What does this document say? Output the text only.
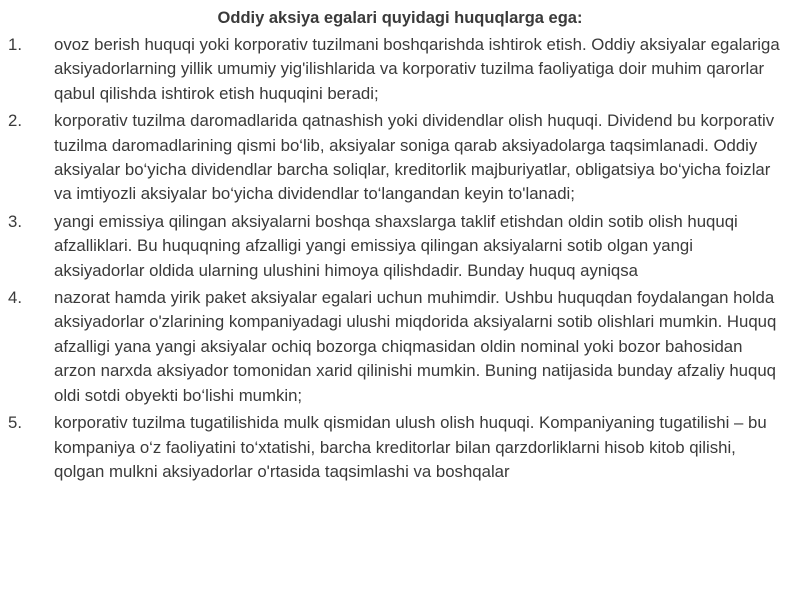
Oddiy aksiya egalari quyidagi huquqlarga ega:

1.	ovoz berish huquqi yoki korporativ tuzilmani boshqarishda ishtirok etish. Oddiy aksiyalar egalariga aksiyadorlarning yillik umumiy yig'ilishlarida va korporativ tuzilma faoliyatiga doir muhim qarorlar qabul qilishda ishtirok etish huquqini beradi;
2.	korporativ tuzilma daromadlarida qatnashish yoki dividendlar olish huquqi. Dividend bu korporativ tuzilma daromadlarining qismi bo‘lib, aksiyalar soniga qarab aksiyadolarga taqsimlanadi. Oddiy aksiyalar bo‘yicha dividendlar barcha soliqlar, kreditorlik majburiyatlar, obligatsiya bo‘yicha foizlar va imtiyozli aksiyalar bo‘yicha dividendlar to‘langandan keyin to'lanadi;
3.	yangi emissiya qilingan aksiyalarni boshqa shaxslarga taklif etishdan oldin sotib olish huquqi afzalliklari. Bu huquqning afzalligi yangi emissiya qilingan aksiyalarni sotib olgan yangi aksiyadorlar oldida ularning ulushini himoya qilishdadir. Bunday huquq ayniqsa
4.	nazorat hamda yirik paket aksiyalar egalari uchun muhimdir. Ushbu huquqdan foydalangan holda aksiyadorlar o'zlarining kompaniyadagi ulushi miqdorida aksiyalarni sotib olishlari mumkin. Huquq afzalligi yana yangi aksiyalar ochiq bozorga chiqmasidan oldin nominal yoki bozor bahosidan arzon narxda aksiyador tomonidan xarid qilinishi mumkin. Buning natijasida bunday afzaliy huquq oldi sotdi obyekti bo‘lishi mumkin;
5.	korporativ tuzilma tugatilishida mulk qismidan ulush olish huquqi. Kompaniyaning tugatilishi – bu kompaniya o‘z faoliyatini to‘xtatishi, barcha kreditorlar bilan qarzdorliklarni hisob kitob qilishi, qolgan mulkni aksiyadorlar o'rtasida taqsimlashi va boshqalar
